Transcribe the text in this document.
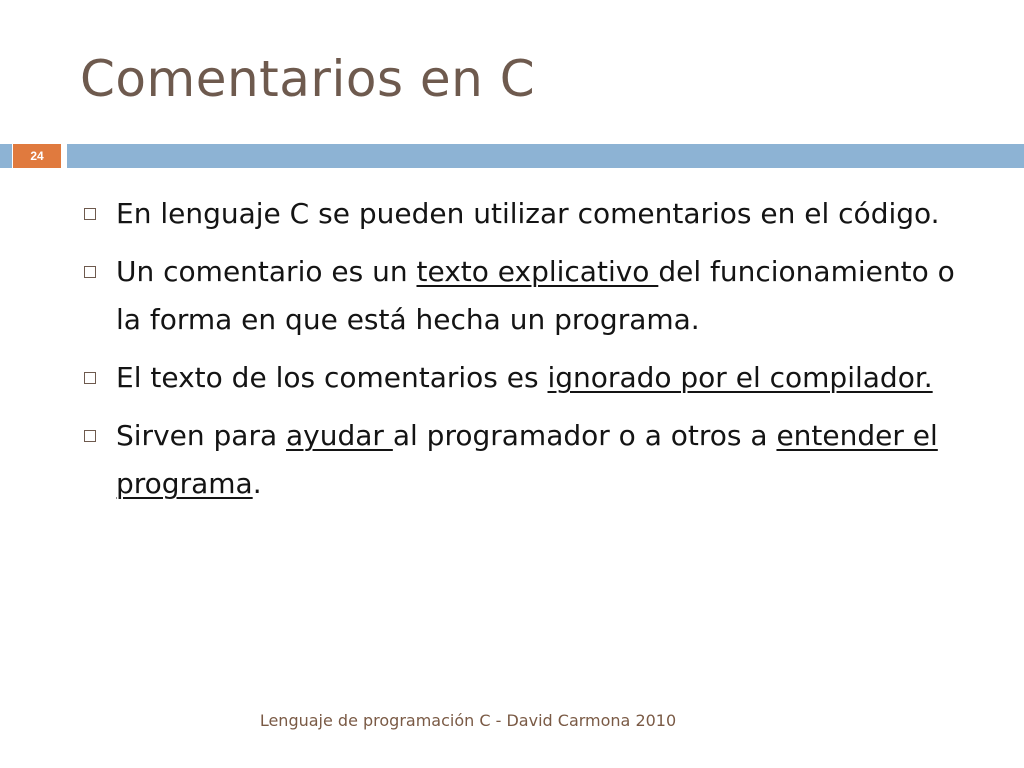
Comentarios en C
24
En lenguaje C se pueden utilizar comentarios en el código.
Un comentario es un texto explicativo del funcionamiento o la forma en que está hecha un programa.
El texto de los comentarios es ignorado por el compilador.
Sirven para ayudar al programador o a otros a entender el programa.
Lenguaje de programación C - David Carmona 2010
